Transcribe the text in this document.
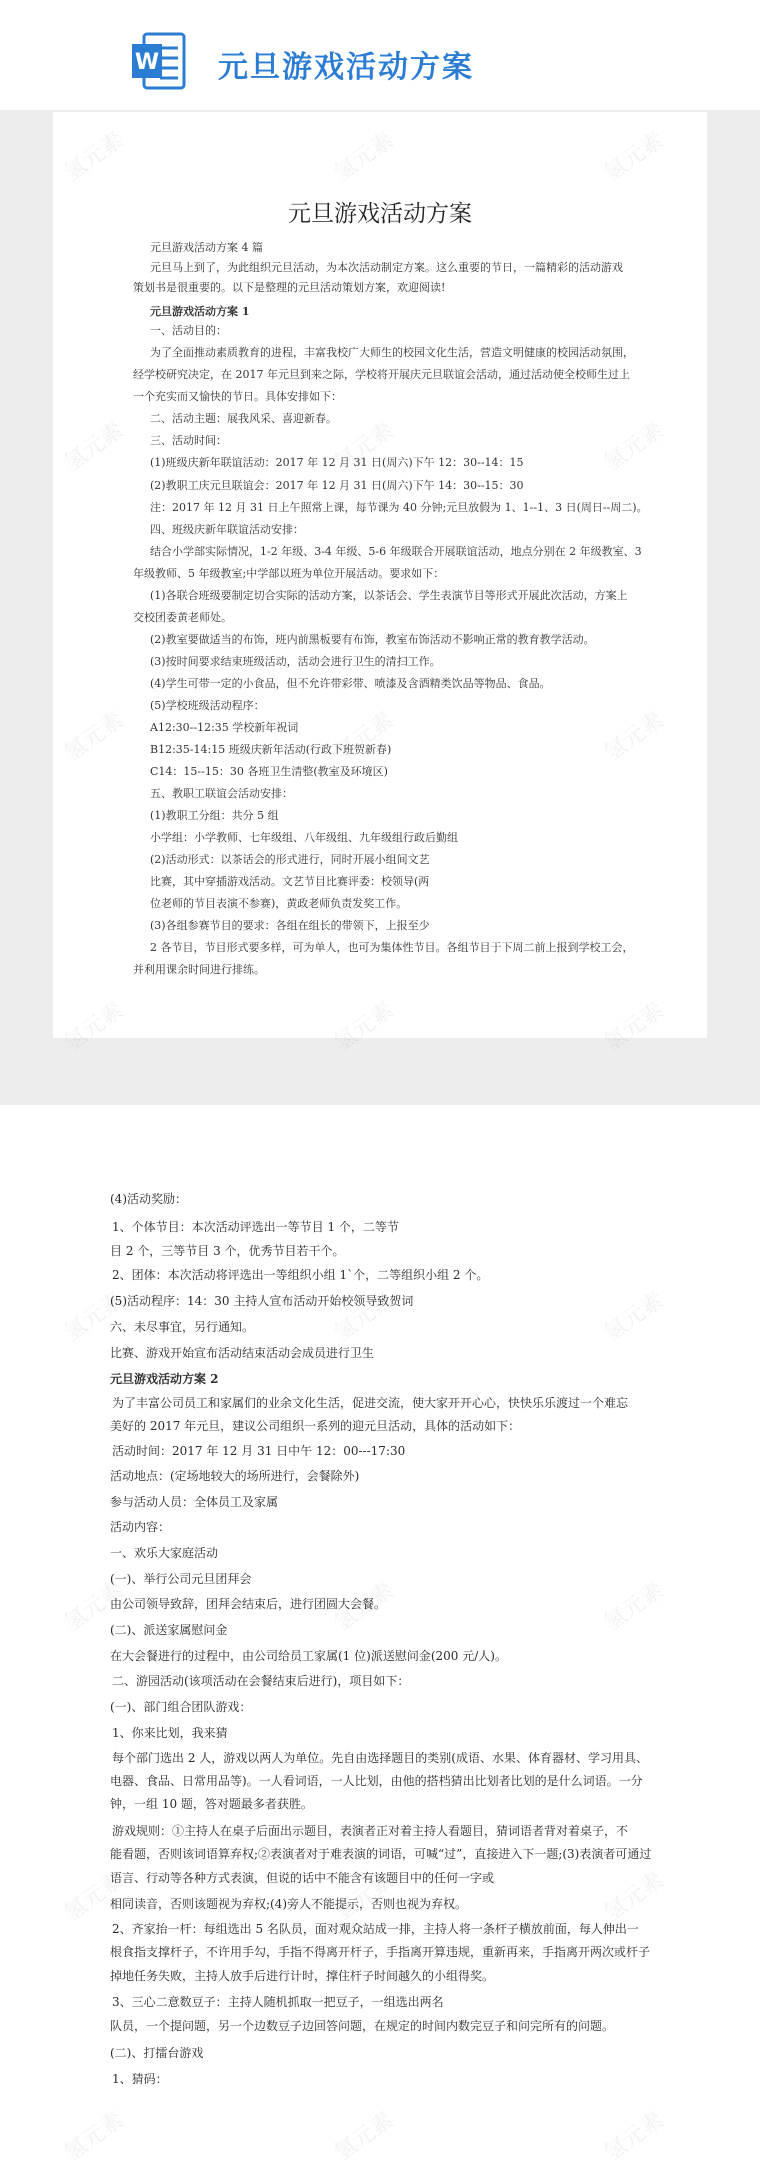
W 元旦游戏活动方案
元旦游戏活动方案
元旦游戏活动方案 4 篇
元旦马上到了，为此组织元旦活动，为本次活动制定方案。这么重要的节日，一篇精彩的活动游戏
策划书是很重要的。以下是整理的元旦活动策划方案，欢迎阅读!
元旦游戏活动方案 1
一、活动目的：
为了全面推动素质教育的进程，丰富我校广大师生的校园文化生活，营造文明健康的校园活动氛围，
经学校研究决定，在 2017 年元旦到来之际，学校将开展庆元旦联谊会活动，通过活动使全校师生过上
一个充实而又愉快的节日。具体安排如下：
二、活动主题：展我风采、喜迎新春。
三、活动时间：
(1)班级庆新年联谊活动：2017 年 12 月 31 日(周六)下午 12：30--14：15
(2)教职工庆元旦联谊会：2017 年 12 月 31 日(周六)下午 14：30--15：30
注：2017 年 12 月 31 日上午照常上课，每节课为 40 分钟;元旦放假为 1、1--1、3 日(周日--周二)。
四、班级庆新年联谊活动安排：
结合小学部实际情况，1-2 年级、3-4 年级、5-6 年级联合开展联谊活动，地点分别在 2 年级教室、3
年级教师、5 年级教室;中学部以班为单位开展活动。要求如下：
(1)各联合班级要制定切合实际的活动方案，以茶话会、学生表演节目等形式开展此次活动，方案上
交校团委黄老师处。
(2)教室要做适当的布饰，班内前黑板要有布饰，教室布饰活动不影响正常的教育教学活动。
(3)按时间要求结束班级活动，活动会进行卫生的清扫工作。
(4)学生可带一定的小食品，但不允许带彩带、喷漆及含酒精类饮品等物品、食品。
(5)学校班级活动程序：
A12:30--12:35 学校新年祝词
B12:35-14:15 班级庆新年活动(行政下班贺新春)
C14：15--15：30 各班卫生清整(教室及环境区)
五、教职工联谊会活动安排：
(1)教职工分组：共分 5 组
小学组：小学教师、七年级组、八年级组、九年级组行政后勤组
(2)活动形式：以茶话会的形式进行，同时开展小组间文艺
比赛，其中穿插游戏活动。文艺节目比赛评委：校领导(两
位老师的节目表演不参赛)，黄政老师负责发奖工作。
(3)各组参赛节目的要求：各组在组长的带领下，上报至少
2 各节目，节目形式要多样，可为单人，也可为集体性节目。各组节目于下周二前上报到学校工会，
并利用课余时间进行排练。
(4)活动奖励：
1、个体节目：本次活动评选出一等节目 1 个，二等节
目 2 个，三等节目 3 个，优秀节目若干个。
2、团体：本次活动将评选出一等组织小组 1`个，二等组织小组 2 个。
(5)活动程序：14：30 主持人宣布活动开始校领导致贺词
六、未尽事宜，另行通知。
比赛、游戏开始宣布活动结束活动会成员进行卫生
元旦游戏活动方案 2
为了丰富公司员工和家属们的业余文化生活，促进交流，使大家开开心心，快快乐乐渡过一个难忘
美好的 2017 年元旦，建议公司组织一系列的迎元旦活动，具体的活动如下：
活动时间：2017 年 12 月 31 日中午 12：00---17:30
活动地点：(定场地较大的场所进行，会餐除外)
参与活动人员：全体员工及家属
活动内容：
一、欢乐大家庭活动
(一)、举行公司元旦团拜会
由公司领导致辞，团拜会结束后，进行团圆大会餐。
(二)、派送家属慰问金
在大会餐进行的过程中，由公司给员工家属(1 位)派送慰问金(200 元/人)。
二、游园活动(该项活动在会餐结束后进行)，项目如下：
(一)、部门组合团队游戏：
1、你来比划，我来猜
每个部门选出 2 人，游戏以两人为单位。先自由选择题目的类别(成语、水果、体育器材、学习用具、
电器、食品、日常用品等)。一人看词语，一人比划，由他的搭档猜出比划者比划的是什么词语。一分
钟，一组 10 题，答对题最多者获胜。
游戏规则：①主持人在桌子后面出示题目，表演者正对着主持人看题目，猜词语者背对着桌子，不
能看题，否则该词语算弃权;②表演者对于难表演的词语，可喊“过”，直接进入下一题;(3)表演者可通过
语言、行动等各种方式表演，但说的话中不能含有该题目中的任何一字或
相同读音，否则该题视为弃权;(4)旁人不能提示，否则也视为弃权。
2、齐家抬一杆：每组选出 5 名队员，面对观众站成一排，主持人将一条杆子横放前面，每人伸出一
根食指支撑杆子，不许用手勾，手指不得离开杆子，手指离开算违规，重新再来，手指离开两次或杆子
掉地任务失败，主持人放手后进行计时，撑住杆子时间越久的小组得奖。
3、三心二意数豆子：主持人随机抓取一把豆子，一组选出两名
队员，一个提问题，另一个边数豆子边回答问题，在规定的时间内数完豆子和问完所有的问题。
(二)、打擂台游戏
1、猜码：
氢元素	氢元素	氢元素
氢元素	氢元素	氢元素
氢元素	氢元素	氢元素
氢元素	氢元素	氢元素
氢元素	氢元素	氢元素
氢元素	氢元素	氢元素
氢元素	氢元素	氢元素
氢元素	氢元素	氢元素
